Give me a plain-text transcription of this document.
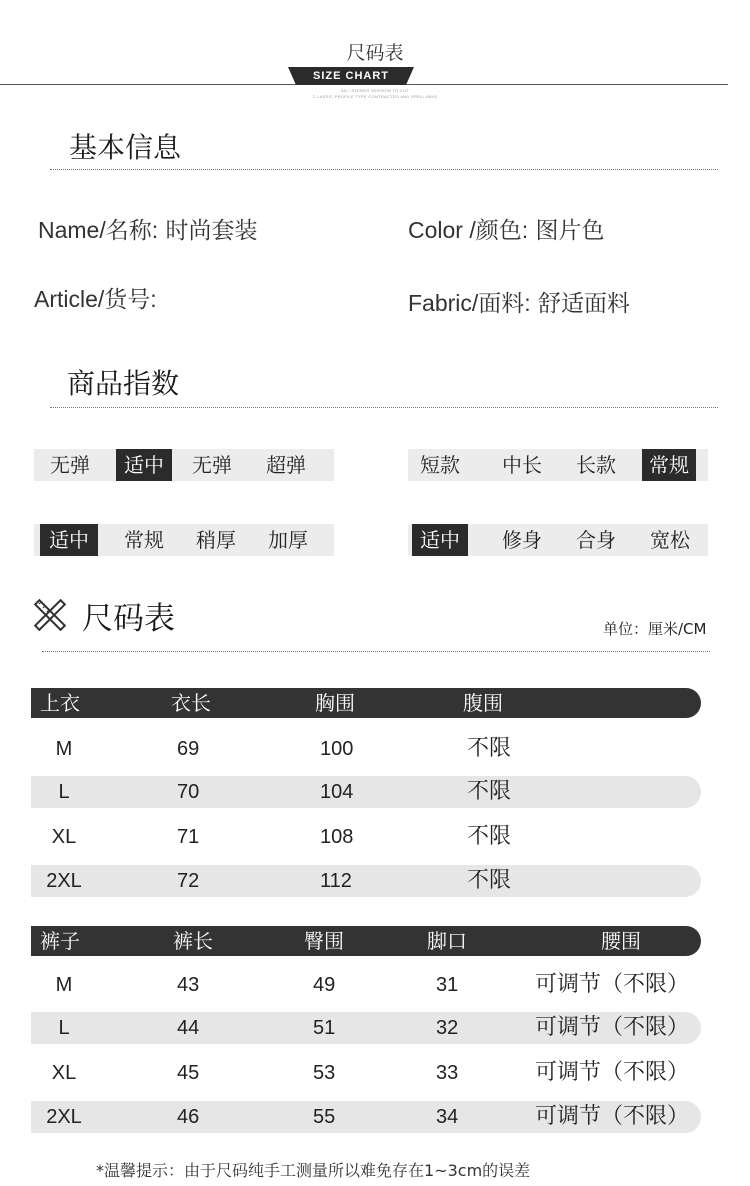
尺码表
SIZE CHART
AD / STEREO VERSION TO CUT
C LASSIC PROFILE TYPE CONTRACTED AND SPELL ABLE
基本信息
Name/名称: 时尚套装	Color /颜色: 图片色
Article/货号:	Fabric/面料: 舒适面料
商品指数
无弹	适中	无弹	超弹	短款	中长	长款	常规
适中	常规	稍厚	加厚	适中	修身	合身	宽松
尺码表	单位：厘米/CM
上衣	衣长	胸围	腹围
M	69	100	不限
L	70	104	不限
XL	71	108	不限
2XL	72	112	不限
裤子	裤长	臀围	脚口	腰围
M	43	49	31	可调节（不限）
L	44	51	32	可调节（不限）
XL	45	53	33	可调节（不限）
2XL	46	55	34	可调节（不限）
*温馨提示：由于尺码纯手工测量所以难免存在1~3cm的误差
